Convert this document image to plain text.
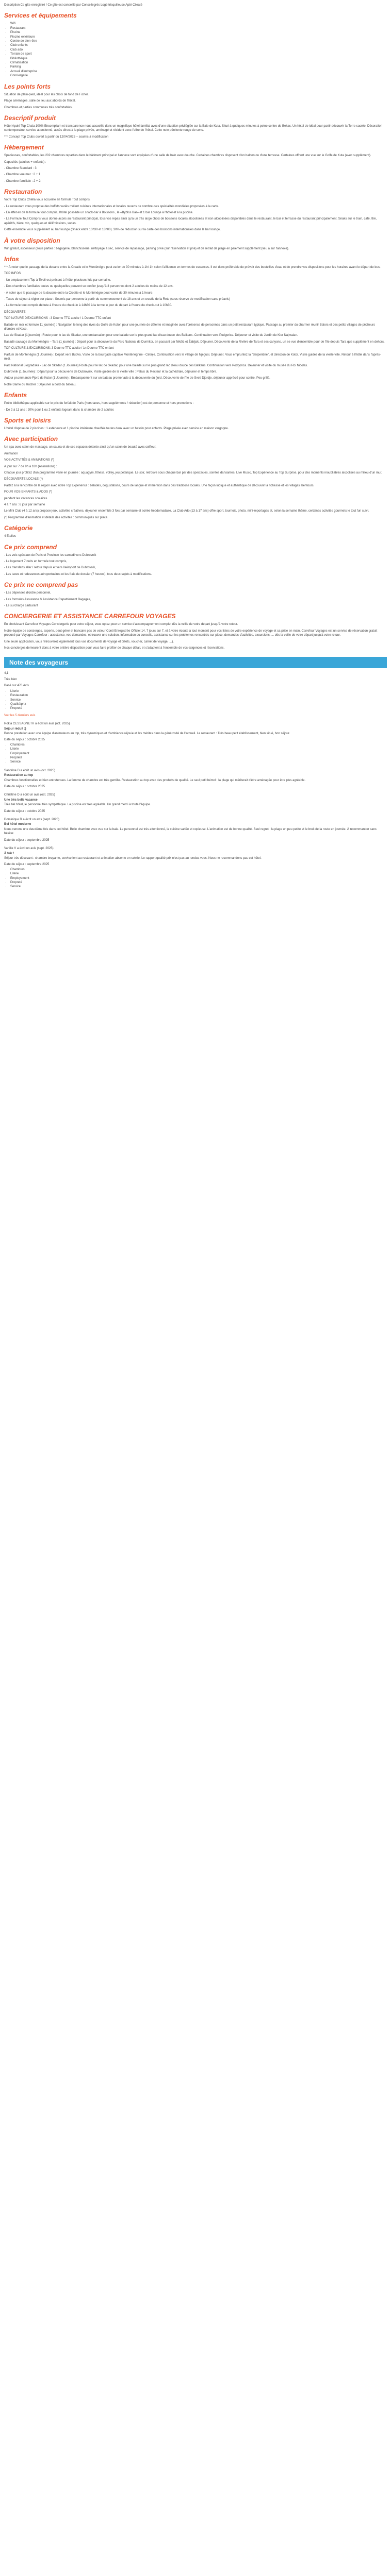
Description Ce gîte enregistré / Ce gîte est conseillé par Conseilegrés Logé trisquilleuse Apté Cileaté

Services et équipements
• Wifi
• Restaurant
• Piscine
• Piscine extérieure
• Centre de bien-être
• Club enfants
• Club ado
• Terrain de sport
• Bibliothèque
• Climatisation
• Parking
• Accueil d'entreprise
• Conciergerie
Les points forts

Situation de plain-pied, idéal pour les choix de fond de Ficher.

Plage aménagée, salle de lieu aux abords de l'hôtel.

Chambres et parties communes très confortables.

Descriptif produit

Hôtel Apulé Top Chala 100% Encompliam et transparence nous accueille dans un magnifique hôtel familial avec d'une situation privilégiée sur la Baie de Kuta. Situé à quelques minutes à peine centre de Bekas. Un hôtel de idéal pour partir découvrir la Terre sacrée. Décoration contemporaine, service attentionné, accès direct à la plage privée, aménagé et résident avec l'offre de l'hôtel. Cette note pénitente rouge de sens.

*** Concept Top Clubs ouvert à partir du 12/04/2025 – soumis à modification

Hébergement

Spacieuses, confortables, les 202 chambres reparties dans le bâtiment principal et l'annexe sont équipées d'une salle de bain avec douche. Certaines chambres disposent d'un balcon ou d'une terrasse. Certaines offrent une vue sur le Golfe de Kuta (avec supplément).

Capacités (adultes + enfants) :

- Chambre Standard : 3

- Chambre vue mer : 2 + 1

- Chambre familiale : 2 + 2

Restauration

Votre Top Clubs Chella vous accueille en formule Tout compris.

- Le restaurant vous propose des buffets variés mêlant cuisines internationales et locales ouverts de nombreuses spécialités mondiales proposées à la carte.

- En effet en de la formule tout compris, l'hôtel possède un snack-bar à Boissons , le «Byblos Bar» et 1 bar Lounge à l'hôtel et à la piscine.

- La Formule Tout Compris vous donne accès au restaurant principal, tous vos repas ainsi qu'à un très large choix de boissons locales alcoolisées et non alcoolisées disponibles dans le restaurant, le bar et terrasse du restaurant principalement. Snaks sur le train, café, thé, apéritifs, bière, vin, quelques et délifroissions, sodas.

Cette ensemble vous supplément au bar lounge (Snack entre 10h30 et 18h00). 30% de réduction sur la carte des boissons internationales dans le bar lounge.

À votre disposition

Wifi gratuit, ascenseur (sous parties : bagagerie, blanchisserie, nettoyage à sec, service de repassage, parking privé (sur réservation et prié) et de retrait de plage en paiement supplément (lieu à sur l'annexe).

Infos

*** À noter que le passage de la douane entre la Croatie et le Monténégro peut varier de 30 minutes à 1h/ 1h selon l'affluence en termes de vacances. Il est donc préférable de prévoir des bouteilles d'eau et de prendre vos dispositions pour les horaires avant le départ de bus.

TOP INFOS

- Un emplacement Top à Tivoli est présent à l'hôtel plusieurs fois par semaine.

- Des chambres familiales toutes ou quelquelles peuvent se confier jusqu'à 3 personnes dont 2 adultes de moins de 12 ans.

- À noter que le passage de la douane entre la Croatie et le Monténégro peut varier de 30 minutes à 1 heure.

- Taxes de séjour à régler sur place : Soumis par personne à partir du commencement de 18 ans et en croatie de la Reto (sous réserve de modification sans préavis)

- La formule tout compris débute à l'heure du check-in à 14h30 à la terme le jour du départ à l'heure du check-out à 10h30.

DÉCOUVERTE

TOP NATURE D'EXCURSIONS : 3 Deurne TTC adulte / 1 Deurne TTC enfant

Balade en mer et formule 11 journée) : Navigation le long des rives du Golfe de Kotor, pour une journée de détente et imaginée avec l'présence de personnes dans un petit restaurant typique. Passage au premier du charmer réunir Balors et des petits villages de pêcheurs d'ombre et Kose.

Lac de Skadar (1 journée) : Route pour le lac de Skadar, une embarcation pour une balade sur le plus grand lac d'eau douce des Balkans. Continuation vers Podgorica. Déjeuner et visite du Jardin de Kier Najmalan.

Basadé sauvage du Monténégro – Tara (1 journée) : Départ pour la découverte du Parc National de Durmitor, en passant par Nikšić et Žabljak. Déjeuner. Découverte de la Rivière de Tara et ses canyons, un se vue d'ensemble pour de l'île depuis Tara que supplément en dehors.

TOP CULTURE & EXCURSIONS: 3 Deurne TTC adulte / 1n Deurne TTC enfant

Parfum de Monténégro (1 Journée) : Départ vers Budva. Visite de la bourgade capitale Monténégrine - Cetinje. Continuation vers le village de Njegusi. Déjeuner. Vous empruntez la "Serpentine", et direction de Kotor. Visite guidée de la vieille ville. Retour à l'hôtel dans l'après-midi.

Parc National Biogradska - Lac de Skadar (1 Journée) Route pour le lac de Skadar, pour une balade sur le plus grand lac d'eau douce des Balkans. Continuation vers Podgorica. Déjeuner et visite du musée du Roi Nicolas.

Dubrovnik (1 Journée) : Départ pour la découverte de Dubrovnik. Visite guidée de la vieille ville : Palais du Recteur et la cathédrale, déjeuner et temps libre.

Autour pr.ommande Fjord de Kotor (1 Journée) : Embarquement sur un bateau promenade à la découverte du fjord. Découverte de l'île de Sveti Djordje, déjeuner apprécié pour contre. Peu grillé.

Notre Dame du Rocher : Déjeuner à bord du bateau.

Enfants

Petite bibliothèque applicable sur le prix du forfait de Paris (hors taxes, hors suppléments / réduction) est de personne et hors promotions :

- De 2 à 11 ans : 20% pour 1 ou 2 enfants logeant dans la chambre de 2 adultes

Sports et loisirs

L'hôtel dispose de 2 piscines : 1 extérieure et 1 piscine intérieure chauffée toutes deux avec un bassin pour enfants. Plage privée avec service en maison vergogne.

Avec participation

Un spa avec salon de massage, un sauna et de ses espaces détente ainsi qu'un salon de beauté avec coiffeur.

Animation

VOS ACTIVITÉS & ANIMATIONS (*)

A jour sur 7 de 9h à 18h (Animations) :

Chaque jour profitez d'un programme varié en journée : aquagym, fitness, volley, jeu pétanque. Le soir, retrouve sous chaque bar par des spectacles, soirées dansantes, Live Music, Top Expérience au Top Surprise, pour des moments inoubliables alcoolisés au milieu d'un mur.

DÉCOUVERTE LOCALE (*)

Partez à la rencontre de la région avec notre Top Expérience : balades, dégustations, cours de langue et immersion dans des traditions locales. Une façon ludique et authentique de découvrir la richesse et les villages alentours.

POUR VOS ENFANTS & ADOS (*)

pendant les vacances scolaires

4 à 7 ans : 6 jour par semaine

Le Mini Club (4 à 12 ans) propose jeux, activités créatives, déjeuner ensemble 3 fois par semaine et soirée hebdomadaire. La Club Ado (13 à 17 ans) offre sport, tournois, photo, mini-reportages et, selon la semaine thème, certaines activités gourmets le tout fun suivi.

(*) Programme d'animation et détails des activités : communiqués sur place.

Catégorie

4 Etoiles

Ce prix comprend

- Les vols spéciaux de Paris et Province les samedi vers Dubrovnik

- Le logement 7 nuits en formule tout compris,

- Les transferts aller / retour depuis et vers l'aéroport de Dubrovnik,

- Les taxes et redevances aéroportuaires et les frais de dossier (7 heures), tous deux sujets à modifications.

Ce prix ne comprend pas

- Les dépenses d'ordre personnel,

- Les formules Assurance & Assistance Rapatriement Bagages,

- Le surcharge carburant

CONCIERGERIE ET ASSISTANCE CARREFOUR VOYAGES

En choisissant Carrefour Voyages Conciergerie pour votre séjour, vous optez pour un service d'accompagnement complet dès la veille de votre départ jusqu'à votre retour.

Notre équipe de concierges, experte, peut gérer et bancaire pas de valeur Conti Enregistrée Officiel 14, 7 jours sur 7, et à votre écoute à tout moment pour vos listes de votre expérience de voyage et sa prise en main. Carrefour Voyages est un service de réservation gratuit proposé par Voyages Carrefour : assistance, vos demandes, et trouver une solution, information ou conseils, assistance sur les problèmes rencontrés sur place, demandes d'activités, excursions, ... dès la veille de votre départ jusqu'à votre retour.

Une seule application, vous retrouverez également tous vos documents de voyage et billets, voucher, carnet de voyage, ...).

Nos concierges demeurent donc à votre entière disposition pour vous faire profiter de chaque détail, et s'adaptent à l'ensemble de vos exigences et réservations.

Note des voyageurs

4,1

Très bien

Basé sur 470 Avis

• Literie
• Restauration
• Service
• Qualité/prix
• Propreté

Voir les 5 derniers avis

Rokia CESSAGNETH a écrit un avis (oct. 2025)

Séjour réduit :)

Bonne prestation avec une équipe d'animateurs au top, très dynamiques et d'ambiance réjouie et les mérites dans la générosité de l'accueil. Le restaurant : Très beau petit établissement, bien situé, bon séjour.

Date du séjour : octobre 2025

• Chambres
• Literie
• Employement
• Propreté
• Service

Sandrine D a écrit un avis (oct. 2025)

Restauration au top

Chambres fonctionnelles et bien entretenues. La femme de chambre est très gentille. Restauration au top avec des produits de qualité. Le seul petit bémol : la plage qui mériterait d'être aménagée pour être plus agréable.

Date du séjour : octobre 2025

Christine D a écrit un avis (oct. 2025)

Une très belle vacance

Très bel hôtel, le personnel très sympathique. La piscine est très agréable. Un grand merci à toute l'équipe.

Date du séjour : octobre 2025

Dominique R a écrit un avis (sept. 2025)

Bel hôtel moderne

Nous venons une deuxième fois dans cet hôtel. Belle chambre avec vue sur la baie. Le personnel est très attentionné, la cuisine variée et copieuse. L'animation est de bonne qualité. Seul regret : la plage un peu petite et le bruit de la route en journée. À recommander sans hésiter.

Date du séjour : septembre 2025

Vanille V a écrit un avis (sept. 2025)

À fuir !

Séjour très décevant : chambre bruyante, service lent au restaurant et animation absente en soirée. Le rapport qualité prix n'est pas au rendez-vous. Nous ne recommandons pas cet hôtel.

Date du séjour : septembre 2025

• Chambres
• Literie
• Employement
• Propreté
• Service
